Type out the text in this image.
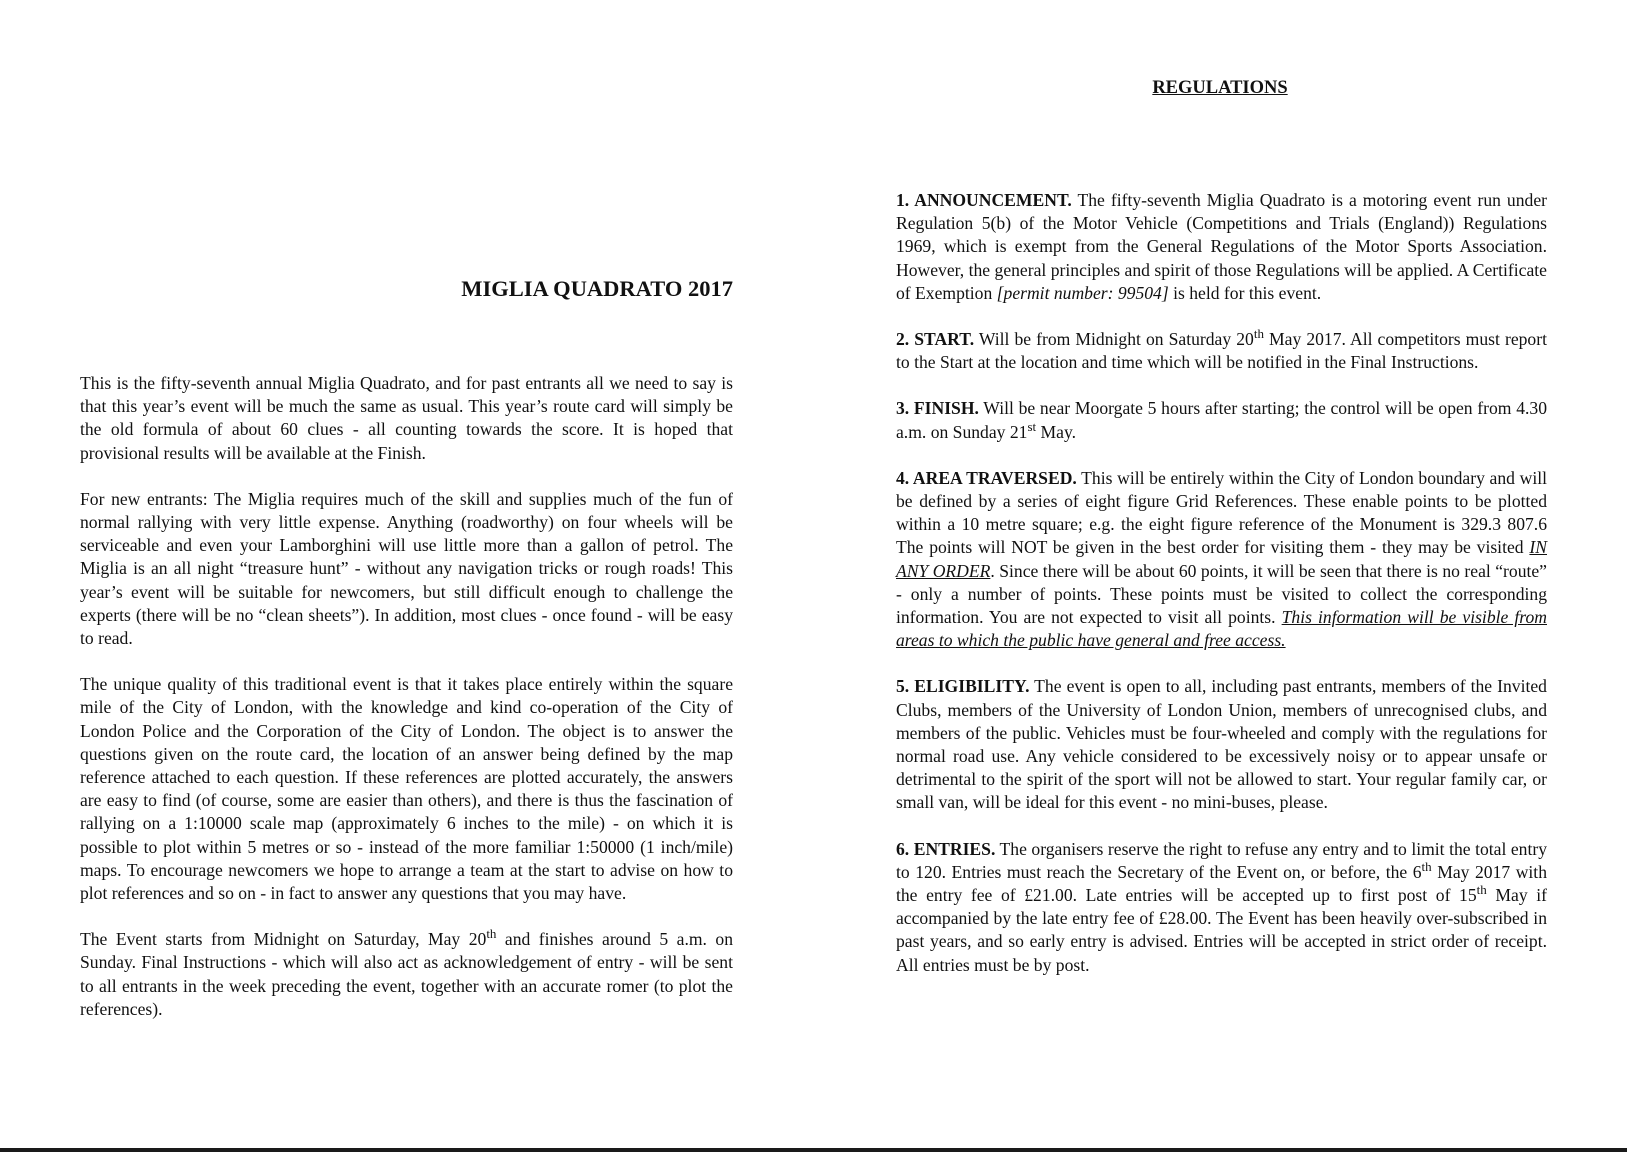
MIGLIA QUADRATO 2017

This is the fifty-seventh annual Miglia Quadrato, and for past entrants all we need to say is that this year’s event will be much the same as usual. This year’s route card will simply be the old formula of about 60 clues - all counting towards the score. It is hoped that provisional results will be available at the Finish.

For new entrants: The Miglia requires much of the skill and supplies much of the fun of normal rallying with very little expense. Anything (roadworthy) on four wheels will be serviceable and even your Lamborghini will use little more than a gallon of petrol. The Miglia is an all night “treasure hunt” - without any navigation tricks or rough roads! This year’s event will be suitable for newcomers, but still difficult enough to challenge the experts (there will be no “clean sheets”). In addition, most clues - once found - will be easy to read.

The unique quality of this traditional event is that it takes place entirely within the square mile of the City of London, with the knowledge and kind co-operation of the City of London Police and the Corporation of the City of London. The object is to answer the questions given on the route card, the location of an answer being defined by the map reference attached to each question. If these references are plotted accurately, the answers are easy to find (of course, some are easier than others), and there is thus the fascination of rallying on a 1:10000 scale map (approximately 6 inches to the mile) - on which it is possible to plot within 5 metres or so - instead of the more familiar 1:50000 (1 inch/mile) maps. To encourage newcomers we hope to arrange a team at the start to advise on how to plot references and so on - in fact to answer any questions that you may have.

The Event starts from Midnight on Saturday, May 20th and finishes around 5 a.m. on Sunday. Final Instructions - which will also act as acknowledgement of entry - will be sent to all entrants in the week preceding the event, together with an accurate romer (to plot the references).

REGULATIONS

1. ANNOUNCEMENT. The fifty-seventh Miglia Quadrato is a motoring event run under Regulation 5(b) of the Motor Vehicle (Competitions and Trials (England)) Regulations 1969, which is exempt from the General Regulations of the Motor Sports Association. However, the general principles and spirit of those Regulations will be applied. A Certificate of Exemption [permit number: 99504] is held for this event.

2. START. Will be from Midnight on Saturday 20th May 2017. All competitors must report to the Start at the location and time which will be notified in the Final Instructions.

3. FINISH. Will be near Moorgate 5 hours after starting; the control will be open from 4.30 a.m. on Sunday 21st May.

4. AREA TRAVERSED. This will be entirely within the City of London boundary and will be defined by a series of eight figure Grid References. These enable points to be plotted within a 10 metre square; e.g. the eight figure reference of the Monument is 329.3 807.6 The points will NOT be given in the best order for visiting them - they may be visited IN ANY ORDER. Since there will be about 60 points, it will be seen that there is no real “route” - only a number of points. These points must be visited to collect the corresponding information. You are not expected to visit all points. This information will be visible from areas to which the public have general and free access.

5. ELIGIBILITY. The event is open to all, including past entrants, members of the Invited Clubs, members of the University of London Union, members of unrecognised clubs, and members of the public. Vehicles must be four-wheeled and comply with the regulations for normal road use. Any vehicle considered to be excessively noisy or to appear unsafe or detrimental to the spirit of the sport will not be allowed to start. Your regular family car, or small van, will be ideal for this event - no mini-buses, please.

6. ENTRIES. The organisers reserve the right to refuse any entry and to limit the total entry to 120. Entries must reach the Secretary of the Event on, or before, the 6th May 2017 with the entry fee of £21.00. Late entries will be accepted up to first post of 15th May if accompanied by the late entry fee of £28.00. The Event has been heavily over-subscribed in past years, and so early entry is advised. Entries will be accepted in strict order of receipt. All entries must be by post.
